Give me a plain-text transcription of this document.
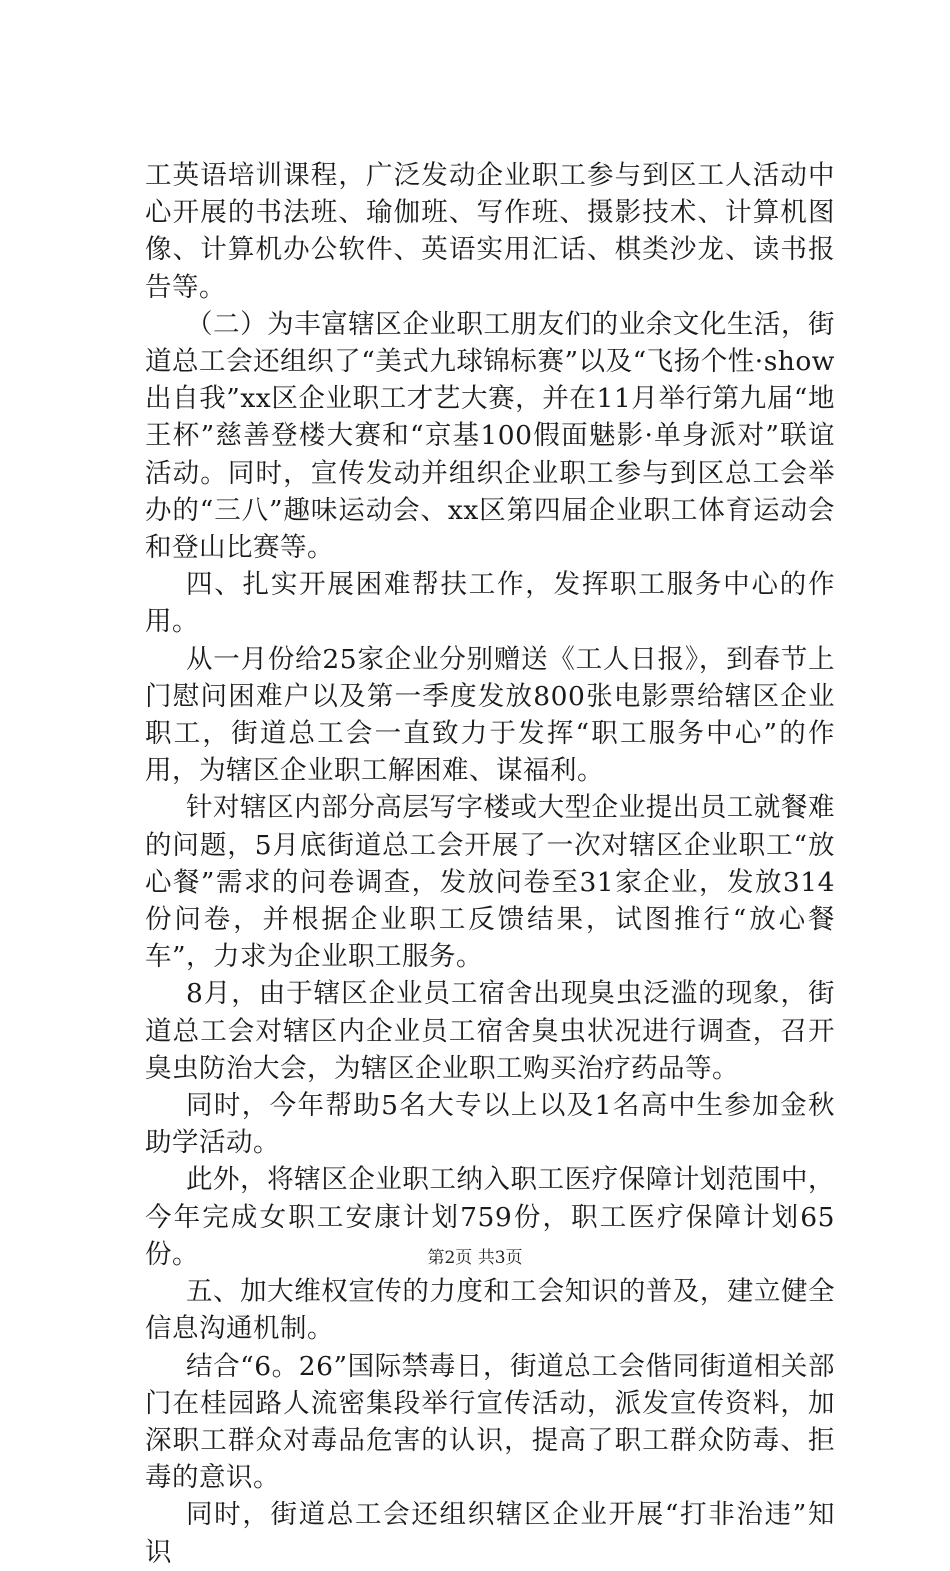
工英语培训课程，广泛发动企业职工参与到区工人活动中心开展的书法班、瑜伽班、写作班、摄影技术、计算机图像、计算机办公软件、英语实用汇话、棋类沙龙、读书报告等。

（二）为丰富辖区企业职工朋友们的业余文化生活，街道总工会还组织了“美式九球锦标赛”以及“飞扬个性·show出自我”xx区企业职工才艺大赛，并在11月举行第九届“地王杯”慈善登楼大赛和“京基100假面魅影·单身派对”联谊活动。同时，宣传发动并组织企业职工参与到区总工会举办的“三八”趣味运动会、xx区第四届企业职工体育运动会和登山比赛等。

四、扎实开展困难帮扶工作，发挥职工服务中心的作用。

从一月份给25家企业分别赠送《工人日报》，到春节上门慰问困难户以及第一季度发放800张电影票给辖区企业职工，街道总工会一直致力于发挥“职工服务中心”的作用，为辖区企业职工解困难、谋福利。

针对辖区内部分高层写字楼或大型企业提出员工就餐难的问题，5月底街道总工会开展了一次对辖区企业职工“放心餐”需求的问卷调查，发放问卷至31家企业，发放314份问卷，并根据企业职工反馈结果，试图推行“放心餐车”，力求为企业职工服务。

8月，由于辖区企业员工宿舍出现臭虫泛滥的现象，街道总工会对辖区内企业员工宿舍臭虫状况进行调查，召开臭虫防治大会，为辖区企业职工购买治疗药品等。

同时，今年帮助5名大专以上以及1名高中生参加金秋助学活动。

此外，将辖区企业职工纳入职工医疗保障计划范围中，今年完成女职工安康计划759份，职工医疗保障计划65份。

五、加大维权宣传的力度和工会知识的普及，建立健全信息沟通机制。

结合“6。26”国际禁毒日，街道总工会偕同街道相关部门在桂园路人流密集段举行宣传活动，派发宣传资料，加深职工群众对毒品危害的认识，提高了职工群众防毒、拒毒的意识。

同时，街道总工会还组织辖区企业开展“打非治违”知识

第2页 共3页
